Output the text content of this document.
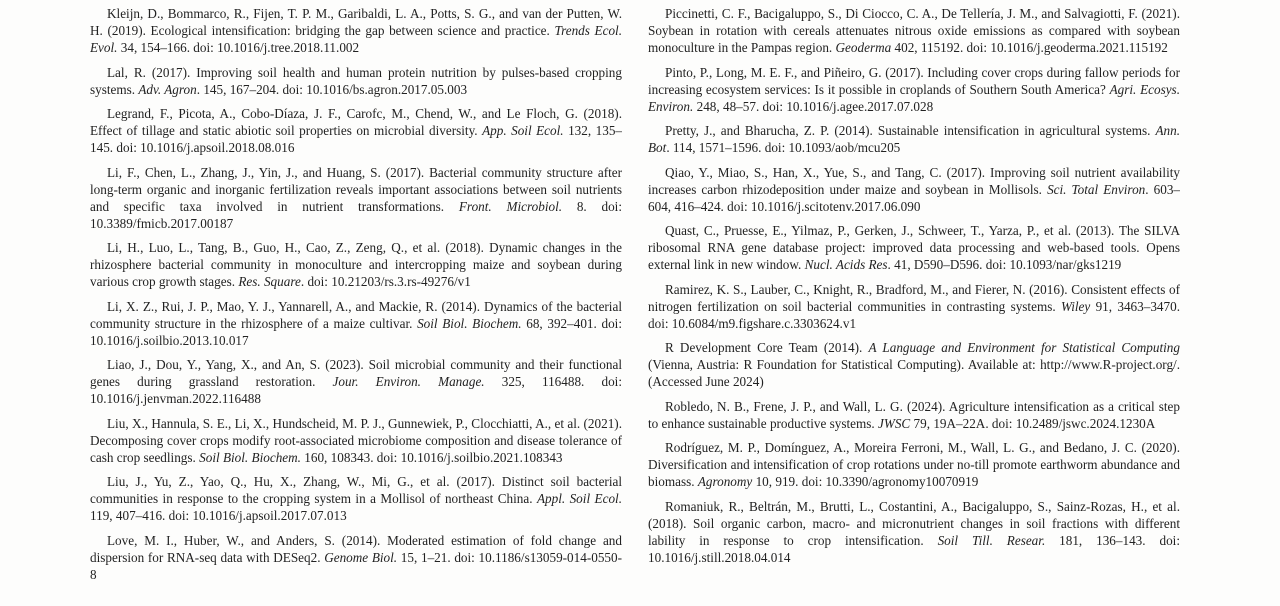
Kleijn, D., Bommarco, R., Fijen, T. P. M., Garibaldi, L. A., Potts, S. G., and van der Putten, W. H. (2019). Ecological intensification: bridging the gap between science and practice. Trends Ecol. Evol. 34, 154–166. doi: 10.1016/j.tree.2018.11.002

Lal, R. (2017). Improving soil health and human protein nutrition by pulses-based cropping systems. Adv. Agron. 145, 167–204. doi: 10.1016/bs.agron.2017.05.003

Legrand, F., Picota, A., Cobo-Díaza, J. F., Carofc, M., Chend, W., and Le Floch, G. (2018). Effect of tillage and static abiotic soil properties on microbial diversity. App. Soil Ecol. 132, 135–145. doi: 10.1016/j.apsoil.2018.08.016

Li, F., Chen, L., Zhang, J., Yin, J., and Huang, S. (2017). Bacterial community structure after long-term organic and inorganic fertilization reveals important associations between soil nutrients and specific taxa involved in nutrient transformations. Front. Microbiol. 8. doi: 10.3389/fmicb.2017.00187

Li, H., Luo, L., Tang, B., Guo, H., Cao, Z., Zeng, Q., et al. (2018). Dynamic changes in the rhizosphere bacterial community in monoculture and intercropping maize and soybean during various crop growth stages. Res. Square. doi: 10.21203/rs.3.rs-49276/v1

Li, X. Z., Rui, J. P., Mao, Y. J., Yannarell, A., and Mackie, R. (2014). Dynamics of the bacterial community structure in the rhizosphere of a maize cultivar. Soil Biol. Biochem. 68, 392–401. doi: 10.1016/j.soilbio.2013.10.017

Liao, J., Dou, Y., Yang, X., and An, S. (2023). Soil microbial community and their functional genes during grassland restoration. Jour. Environ. Manage. 325, 116488. doi: 10.1016/j.jenvman.2022.116488

Liu, X., Hannula, S. E., Li, X., Hundscheid, M. P. J., Gunnewiek, P., Clocchiatti, A., et al. (2021). Decomposing cover crops modify root-associated microbiome composition and disease tolerance of cash crop seedlings. Soil Biol. Biochem. 160, 108343. doi: 10.1016/j.soilbio.2021.108343

Liu, J., Yu, Z., Yao, Q., Hu, X., Zhang, W., Mi, G., et al. (2017). Distinct soil bacterial communities in response to the cropping system in a Mollisol of northeast China. Appl. Soil Ecol. 119, 407–416. doi: 10.1016/j.apsoil.2017.07.013

Love, M. I., Huber, W., and Anders, S. (2014). Moderated estimation of fold change and dispersion for RNA-seq data with DESeq2. Genome Biol. 15, 1–21. doi: 10.1186/s13059-014-0550-8

Piccinetti, C. F., Bacigaluppo, S., Di Ciocco, C. A., De Tellería, J. M., and Salvagiotti, F. (2021). Soybean in rotation with cereals attenuates nitrous oxide emissions as compared with soybean monoculture in the Pampas region. Geoderma 402, 115192. doi: 10.1016/j.geoderma.2021.115192

Pinto, P., Long, M. E. F., and Piñeiro, G. (2017). Including cover crops during fallow periods for increasing ecosystem services: Is it possible in croplands of Southern South America? Agri. Ecosys. Environ. 248, 48–57. doi: 10.1016/j.agee.2017.07.028

Pretty, J., and Bharucha, Z. P. (2014). Sustainable intensification in agricultural systems. Ann. Bot. 114, 1571–1596. doi: 10.1093/aob/mcu205

Qiao, Y., Miao, S., Han, X., Yue, S., and Tang, C. (2017). Improving soil nutrient availability increases carbon rhizodeposition under maize and soybean in Mollisols. Sci. Total Environ. 603–604, 416–424. doi: 10.1016/j.scitotenv.2017.06.090

Quast, C., Pruesse, E., Yilmaz, P., Gerken, J., Schweer, T., Yarza, P., et al. (2013). The SILVA ribosomal RNA gene database project: improved data processing and web-based tools. Opens external link in new window. Nucl. Acids Res. 41, D590–D596. doi: 10.1093/nar/gks1219

Ramirez, K. S., Lauber, C., Knight, R., Bradford, M., and Fierer, N. (2016). Consistent effects of nitrogen fertilization on soil bacterial communities in contrasting systems. Wiley 91, 3463–3470. doi: 10.6084/m9.figshare.c.3303624.v1

R Development Core Team (2014). A Language and Environment for Statistical Computing (Vienna, Austria: R Foundation for Statistical Computing). Available at: http://www.R-project.org/. (Accessed June 2024)

Robledo, N. B., Frene, J. P., and Wall, L. G. (2024). Agriculture intensification as a critical step to enhance sustainable productive systems. JWSC 79, 19A–22A. doi: 10.2489/jswc.2024.1230A

Rodríguez, M. P., Domínguez, A., Moreira Ferroni, M., Wall, L. G., and Bedano, J. C. (2020). Diversification and intensification of crop rotations under no-till promote earthworm abundance and biomass. Agronomy 10, 919. doi: 10.3390/agronomy10070919

Romaniuk, R., Beltrán, M., Brutti, L., Costantini, A., Bacigaluppo, S., Sainz-Rozas, H., et al. (2018). Soil organic carbon, macro- and micronutrient changes in soil fractions with different lability in response to crop intensification. Soil Till. Resear. 181, 136–143. doi: 10.1016/j.still.2018.04.014
